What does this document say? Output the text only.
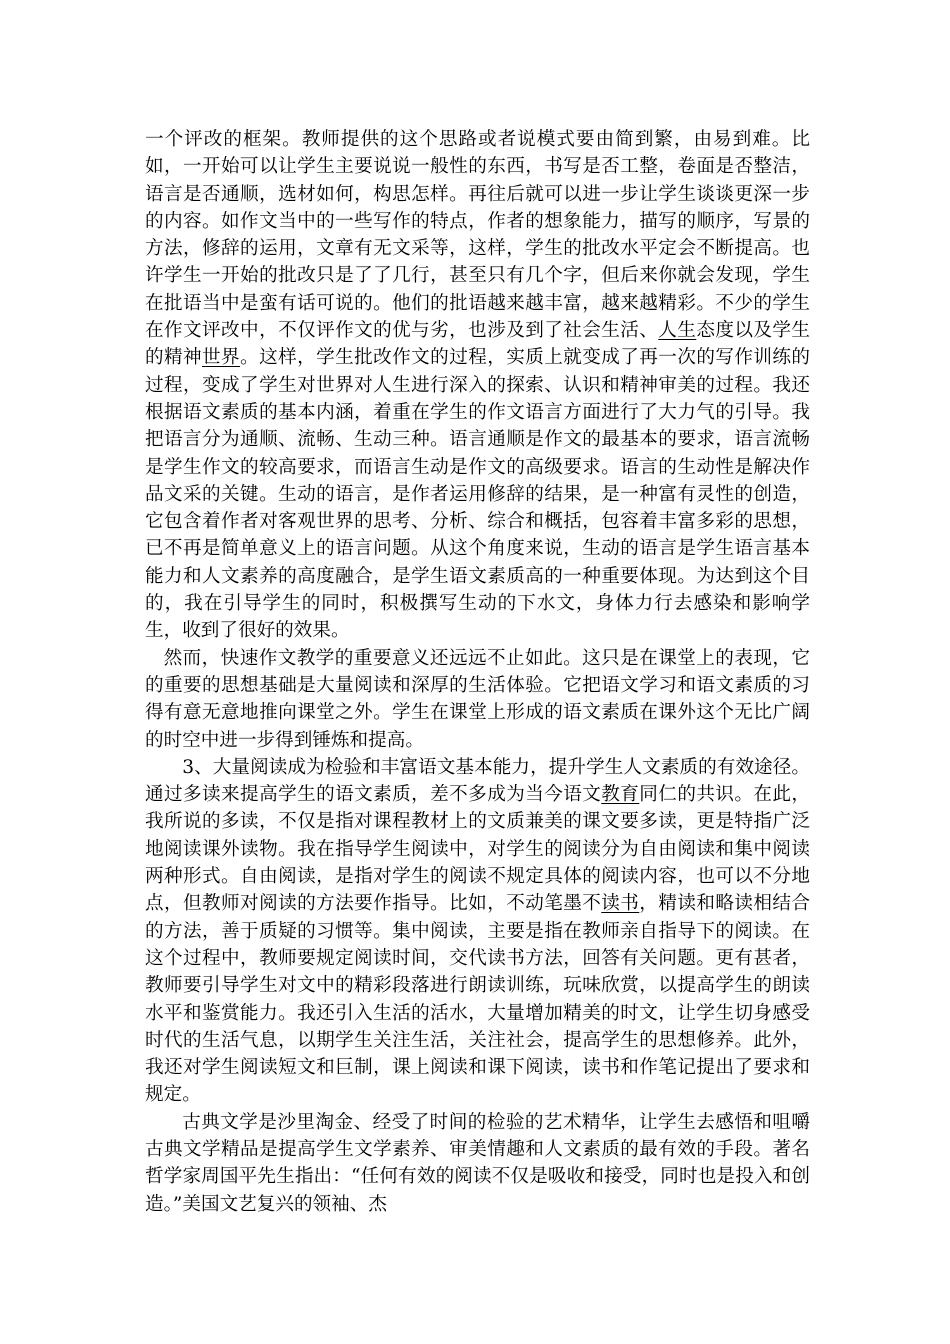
一个评改的框架。教师提供的这个思路或者说模式要由简到繁，由易到难。比如，一开始可以让学生主要说说一般性的东西，书写是否工整，卷面是否整洁，语言是否通顺，选材如何，构思怎样。再往后就可以进一步让学生谈谈更深一步的内容。如作文当中的一些写作的特点，作者的想象能力，描写的顺序，写景的方法，修辞的运用，文章有无文采等，这样，学生的批改水平定会不断提高。也许学生一开始的批改只是了了几行，甚至只有几个字，但后来你就会发现，学生在批语当中是蛮有话可说的。他们的批语越来越丰富，越来越精彩。不少的学生在作文评改中，不仅评作文的优与劣，也涉及到了社会生活、人生态度以及学生的精神世界。这样，学生批改作文的过程，实质上就变成了再一次的写作训练的过程，变成了学生对世界对人生进行深入的探索、认识和精神审美的过程。我还根据语文素质的基本内涵，着重在学生的作文语言方面进行了大力气的引导。我把语言分为通顺、流畅、生动三种。语言通顺是作文的最基本的要求，语言流畅是学生作文的较高要求，而语言生动是作文的高级要求。语言的生动性是解决作品文采的关键。生动的语言，是作者运用修辞的结果，是一种富有灵性的创造，它包含着作者对客观世界的思考、分析、综合和概括，包容着丰富多彩的思想，已不再是简单意义上的语言问题。从这个角度来说，生动的语言是学生语言基本能力和人文素养的高度融合，是学生语文素质高的一种重要体现。为达到这个目的，我在引导学生的同时，积极撰写生动的下水文，身体力行去感染和影响学生，收到了很好的效果。

然而，快速作文教学的重要意义还远远不止如此。这只是在课堂上的表现，它的重要的思想基础是大量阅读和深厚的生活体验。它把语文学习和语文素质的习得有意无意地推向课堂之外。学生在课堂上形成的语文素质在课外这个无比广阔的时空中进一步得到锤炼和提高。

3、大量阅读成为检验和丰富语文基本能力，提升学生人文素质的有效途径。通过多读来提高学生的语文素质，差不多成为当今语文教育同仁的共识。在此，我所说的多读，不仅是指对课程教材上的文质兼美的课文要多读，更是特指广泛地阅读课外读物。我在指导学生阅读中，对学生的阅读分为自由阅读和集中阅读两种形式。自由阅读，是指对学生的阅读不规定具体的阅读内容，也可以不分地点，但教师对阅读的方法要作指导。比如，不动笔墨不读书，精读和略读相结合的方法，善于质疑的习惯等。集中阅读，主要是指在教师亲自指导下的阅读。在这个过程中，教师要规定阅读时间，交代读书方法，回答有关问题。更有甚者，教师要引导学生对文中的精彩段落进行朗读训练，玩味欣赏，以提高学生的朗读水平和鉴赏能力。我还引入生活的活水，大量增加精美的时文，让学生切身感受时代的生活气息，以期学生关注生活，关注社会，提高学生的思想修养。此外，我还对学生阅读短文和巨制，课上阅读和课下阅读，读书和作笔记提出了要求和规定。

古典文学是沙里淘金、经受了时间的检验的艺术精华，让学生去感悟和咀嚼古典文学精品是提高学生文学素养、审美情趣和人文素质的最有效的手段。著名哲学家周国平先生指出：“任何有效的阅读不仅是吸收和接受，同时也是投入和创造。”美国文艺复兴的领袖、杰
